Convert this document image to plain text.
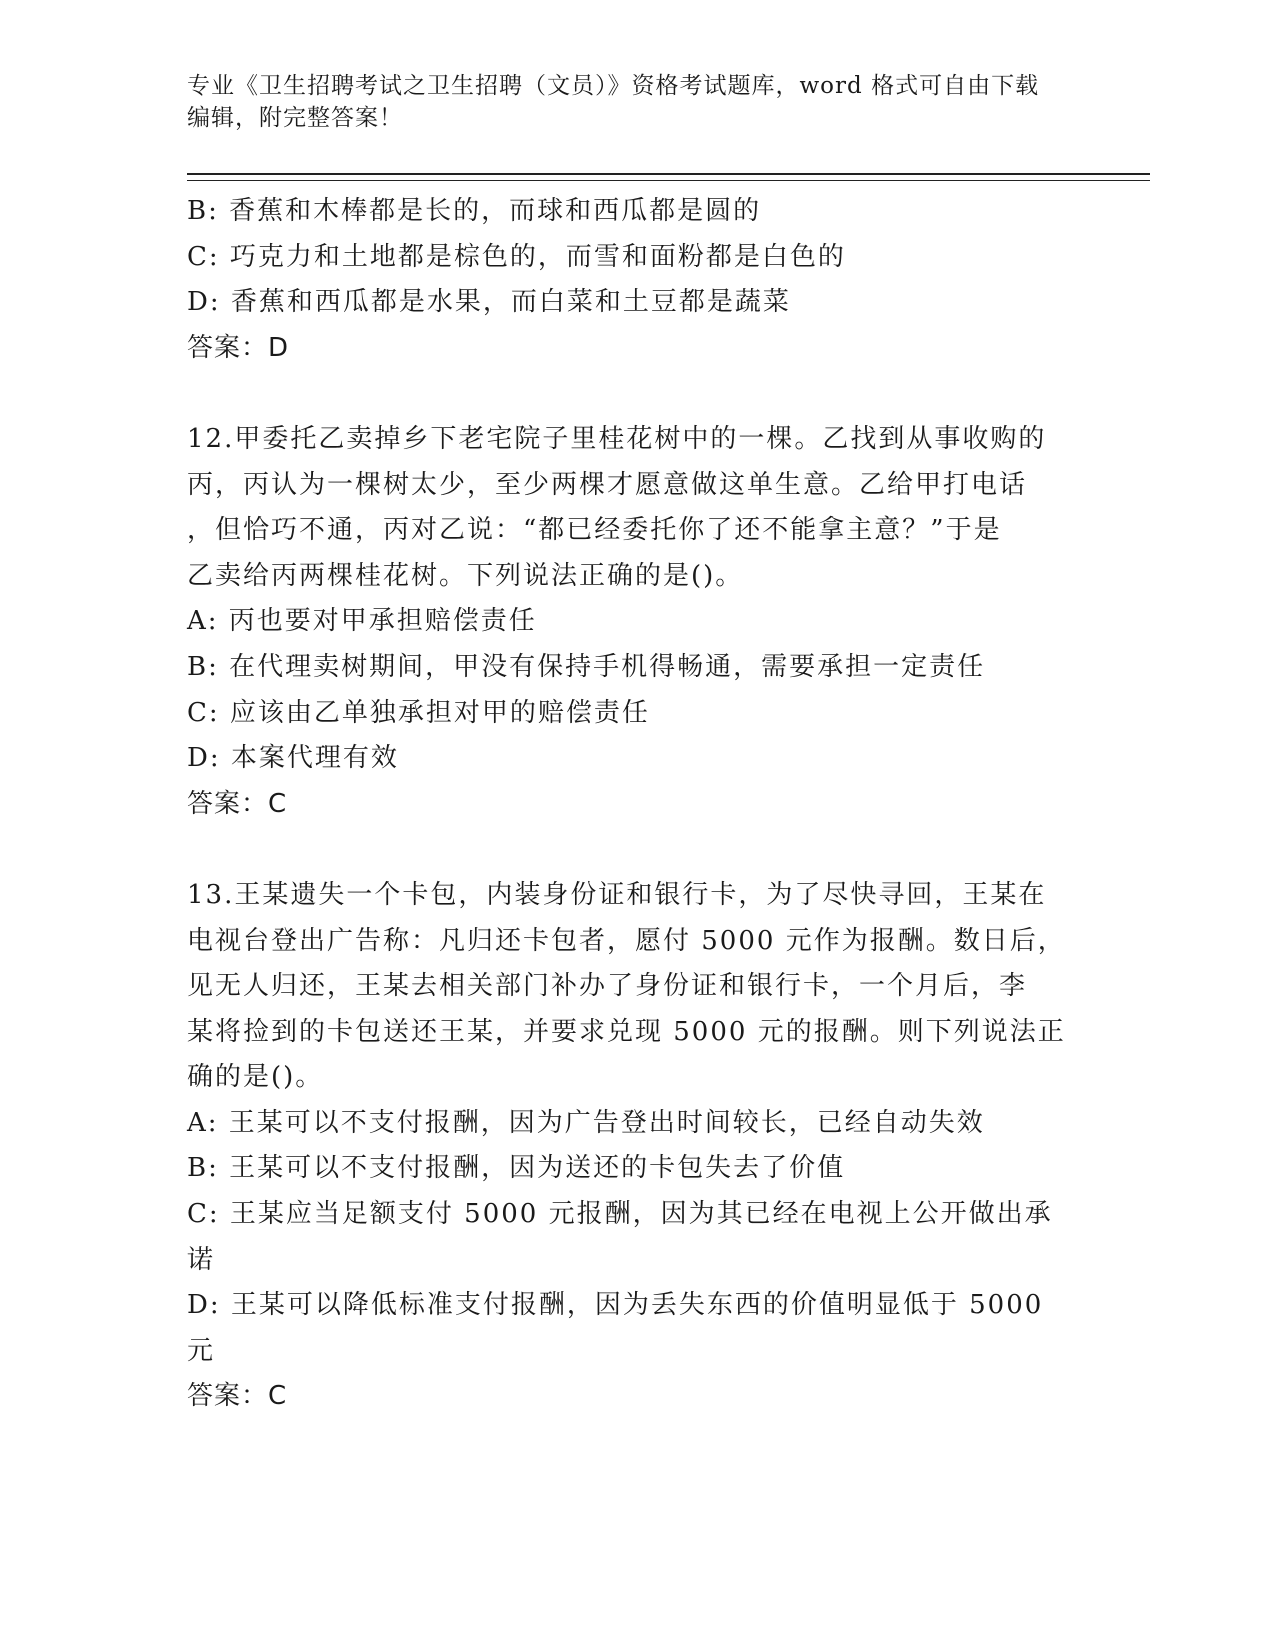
专业《卫生招聘考试之卫生招聘（文员）》资格考试题库，word 格式可自由下载
编辑，附完整答案！
B: 香蕉和木棒都是长的，而球和西瓜都是圆的
C: 巧克力和土地都是棕色的，而雪和面粉都是白色的
D: 香蕉和西瓜都是水果，而白菜和土豆都是蔬菜
答案：D
12.甲委托乙卖掉乡下老宅院子里桂花树中的一棵。乙找到从事收购的
丙，丙认为一棵树太少，至少两棵才愿意做这单生意。乙给甲打电话
，但恰巧不通，丙对乙说：“都已经委托你了还不能拿主意？”于是
乙卖给丙两棵桂花树。下列说法正确的是()。
A: 丙也要对甲承担赔偿责任
B: 在代理卖树期间，甲没有保持手机得畅通，需要承担一定责任
C: 应该由乙单独承担对甲的赔偿责任
D: 本案代理有效
答案：C
13.王某遗失一个卡包，内装身份证和银行卡，为了尽快寻回，王某在
电视台登出广告称：凡归还卡包者，愿付 5000 元作为报酬。数日后，
见无人归还，王某去相关部门补办了身份证和银行卡，一个月后，李
某将捡到的卡包送还王某，并要求兑现 5000 元的报酬。则下列说法正
确的是()。
A: 王某可以不支付报酬，因为广告登出时间较长，已经自动失效
B: 王某可以不支付报酬，因为送还的卡包失去了价值
C: 王某应当足额支付 5000 元报酬，因为其已经在电视上公开做出承
诺
D: 王某可以降低标准支付报酬，因为丢失东西的价值明显低于 5000
元
答案：C
